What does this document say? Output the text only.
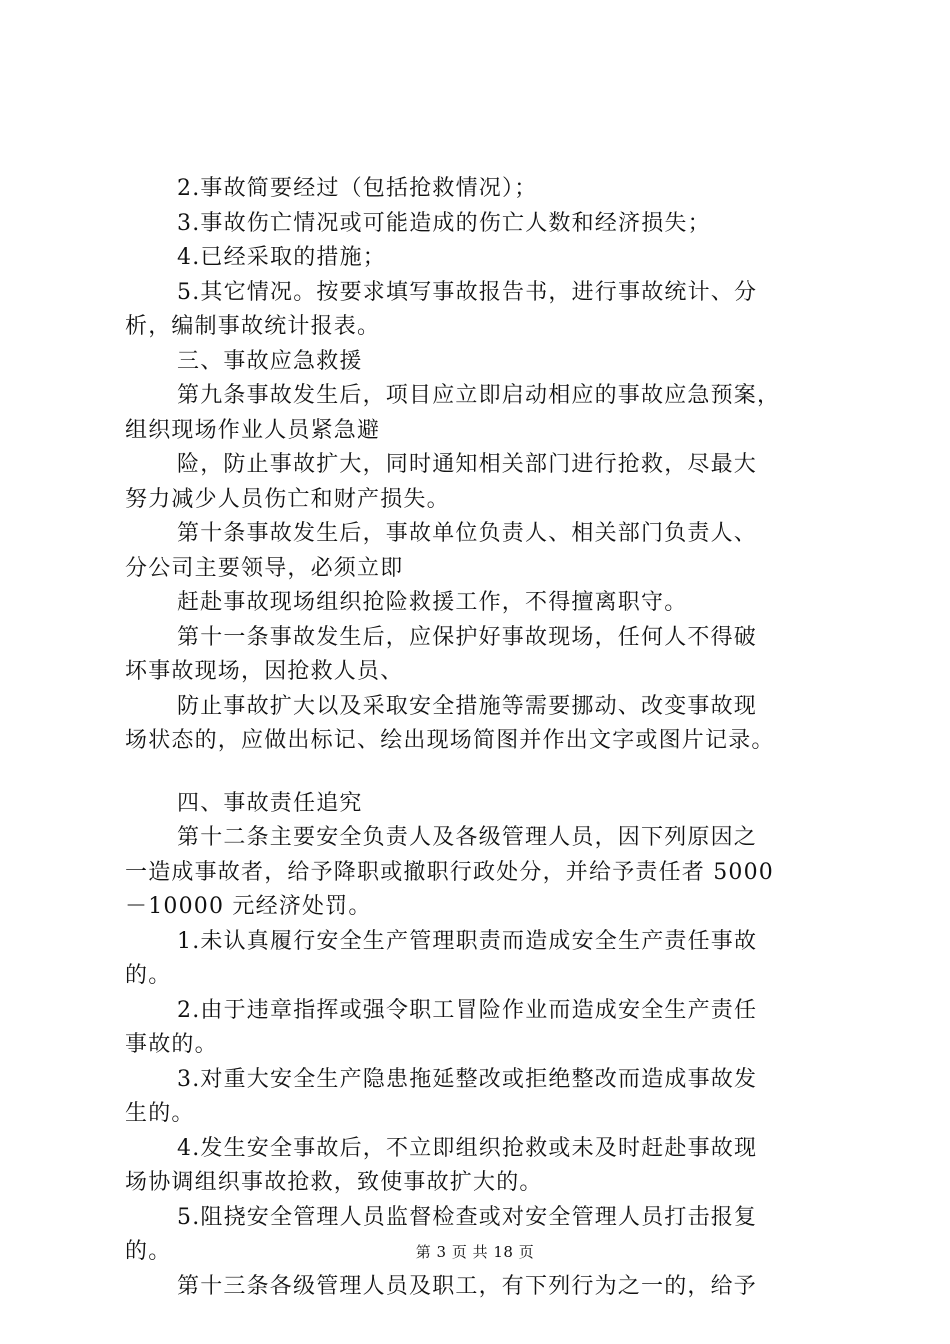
2.事故简要经过（包括抢救情况）；
3.事故伤亡情况或可能造成的伤亡人数和经济损失；
4.已经采取的措施；
5.其它情况。按要求填写事故报告书，进行事故统计、分
析，编制事故统计报表。
三、事故应急救援
第九条事故发生后，项目应立即启动相应的事故应急预案，
组织现场作业人员紧急避
险，防止事故扩大，同时通知相关部门进行抢救，尽最大
努力减少人员伤亡和财产损失。
第十条事故发生后，事故单位负责人、相关部门负责人、
分公司主要领导，必须立即
赶赴事故现场组织抢险救援工作，不得擅离职守。
第十一条事故发生后，应保护好事故现场，任何人不得破
坏事故现场，因抢救人员、
防止事故扩大以及采取安全措施等需要挪动、改变事故现
场状态的，应做出标记、绘出现场简图并作出文字或图片记录。
四、事故责任追究
第十二条主要安全负责人及各级管理人员，因下列原因之
一造成事故者，给予降职或撤职行政处分，并给予责任者 5000
－10000 元经济处罚。
1.未认真履行安全生产管理职责而造成安全生产责任事故
的。
2.由于违章指挥或强令职工冒险作业而造成安全生产责任
事故的。
3.对重大安全生产隐患拖延整改或拒绝整改而造成事故发
生的。
4.发生安全事故后，不立即组织抢救或未及时赶赴事故现
场协调组织事故抢救，致使事故扩大的。
5.阻挠安全管理人员监督检查或对安全管理人员打击报复
的。
第十三条各级管理人员及职工，有下列行为之一的，给予
第 3 页 共 18 页
